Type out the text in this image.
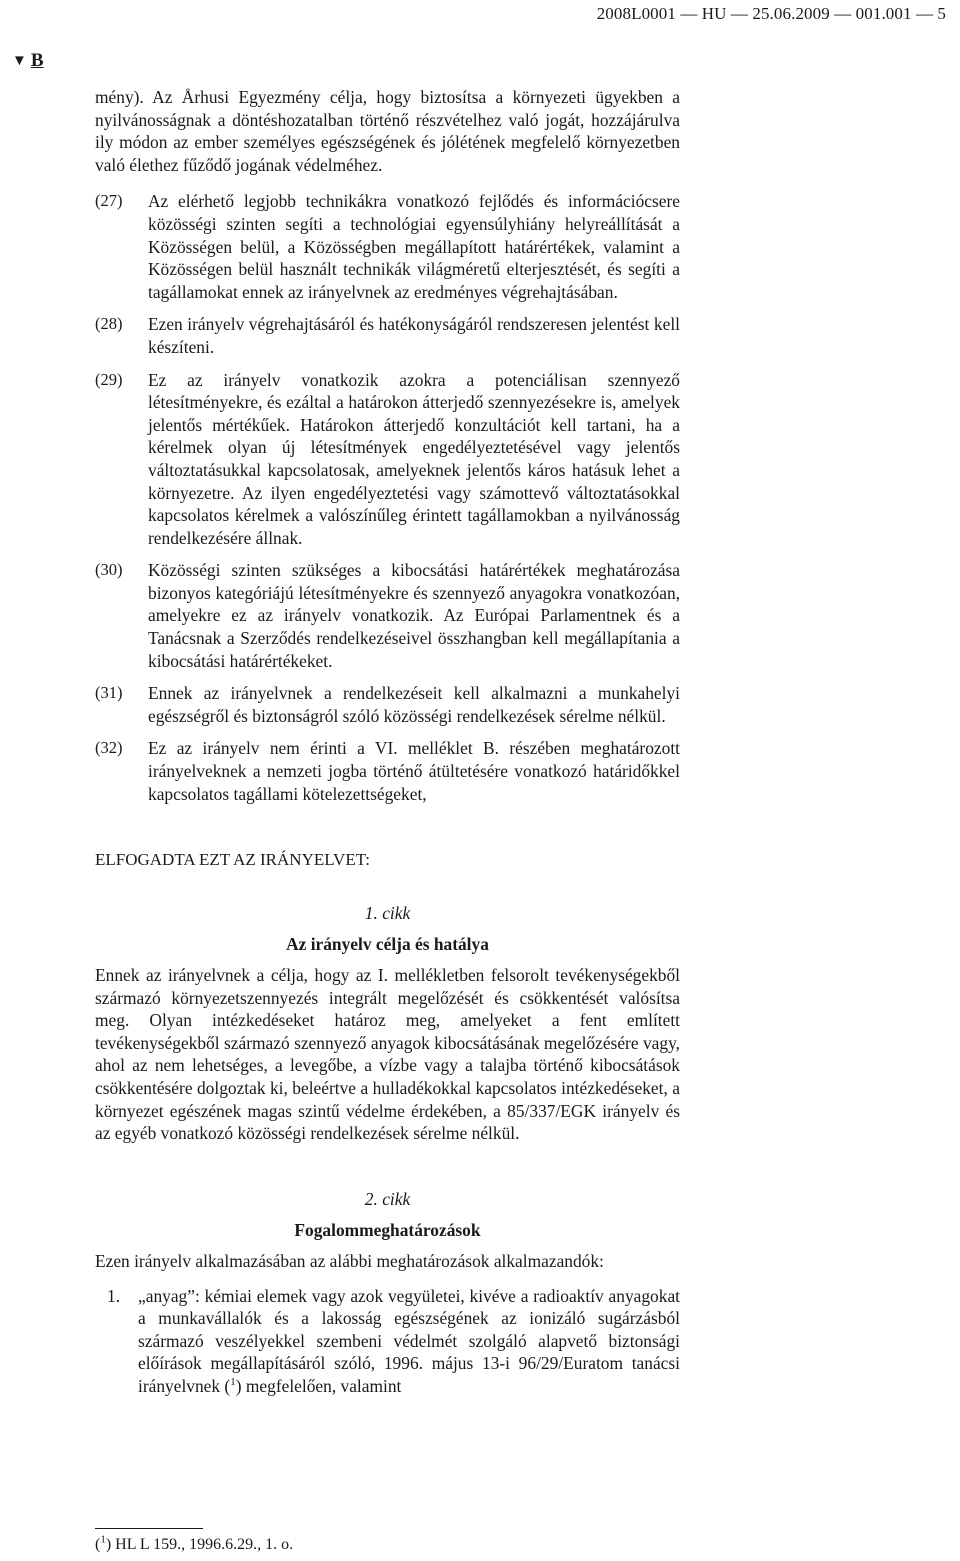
2008L0001 — HU — 25.06.2009 — 001.001 — 5
▼ B

mény). Az Århusi Egyezmény célja, hogy biztosítsa a környezeti ügyekben a nyilvánosságnak a döntéshozatalban történő részvételhez való jogát, hozzájárulva ily módon az ember személyes egészségének és jólétének megfelelő környezetben való élethez fűződő jogának védelméhez.

(27)	Az elérhető legjobb technikákra vonatkozó fejlődés és információcsere közösségi szinten segíti a technológiai egyensúlyhiány helyreállítását a Közösségen belül, a Közösségben megállapított határértékek, valamint a Közösségen belül használt technikák világméretű elterjesztését, és segíti a tagállamokat ennek az irányelvnek az eredményes végrehajtásában.
(28)	Ezen irányelv végrehajtásáról és hatékonyságáról rendszeresen jelentést kell készíteni.
(29)	Ez az irányelv vonatkozik azokra a potenciálisan szennyező létesítményekre, és ezáltal a határokon átterjedő szennyezésekre is, amelyek jelentős mértékűek. Határokon átterjedő konzultációt kell tartani, ha a kérelmek olyan új létesítmények engedélyeztetésével vagy jelentős változtatásukkal kapcsolatosak, amelyeknek jelentős káros hatásuk lehet a környezetre. Az ilyen engedélyeztetési vagy számottevő változtatásokkal kapcsolatos kérelmek a valószínűleg érintett tagállamokban a nyilvánosság rendelkezésére állnak.
(30)	Közösségi szinten szükséges a kibocsátási határértékek meghatározása bizonyos kategóriájú létesítményekre és szennyező anyagokra vonatkozóan, amelyekre ez az irányelv vonatkozik. Az Európai Parlamentnek és a Tanácsnak a Szerződés rendelkezéseivel összhangban kell megállapítania a kibocsátási határértékeket.
(31)	Ennek az irányelvnek a rendelkezéseit kell alkalmazni a munkahelyi egészségről és biztonságról szóló közösségi rendelkezések sérelme nélkül.
(32)	Ez az irányelv nem érinti a VI. melléklet B. részében meghatározott irányelveknek a nemzeti jogba történő átültetésére vonatkozó határidőkkel kapcsolatos tagállami kötelezettségeket,
ELFOGADTA EZT AZ IRÁNYELVET:
1. cikk
Az irányelv célja és hatálya

Ennek az irányelvnek a célja, hogy az I. mellékletben felsorolt tevékenységekből származó környezetszennyezés integrált megelőzését és csökkentését valósítsa meg. Olyan intézkedéseket határoz meg, amelyeket a fent említett tevékenységekből származó szennyező anyagok kibocsátásának megelőzésére vagy, ahol az nem lehetséges, a levegőbe, a vízbe vagy a talajba történő kibocsátások csökkentésére dolgoztak ki, beleértve a hulladékokkal kapcsolatos intézkedéseket, a környezet egészének magas szintű védelme érdekében, a 85/337/EGK irányelv és az egyéb vonatkozó közösségi rendelkezések sérelme nélkül.

2. cikk
Fogalommeghatározások

Ezen irányelv alkalmazásában az alábbi meghatározások alkalmazandók:

1.	„anyag”: kémiai elemek vagy azok vegyületei, kivéve a radioaktív anyagokat a munkavállalók és a lakosság egészségének az ionizáló sugárzásból származó veszélyekkel szembeni védelmét szolgáló alapvető biztonsági előírások megállapításáról szóló, 1996. május 13-i 96/29/Euratom tanácsi irányelvnek ($^1$) megfelelően, valamint
($^1$) HL L 159., 1996.6.29., 1. o.
